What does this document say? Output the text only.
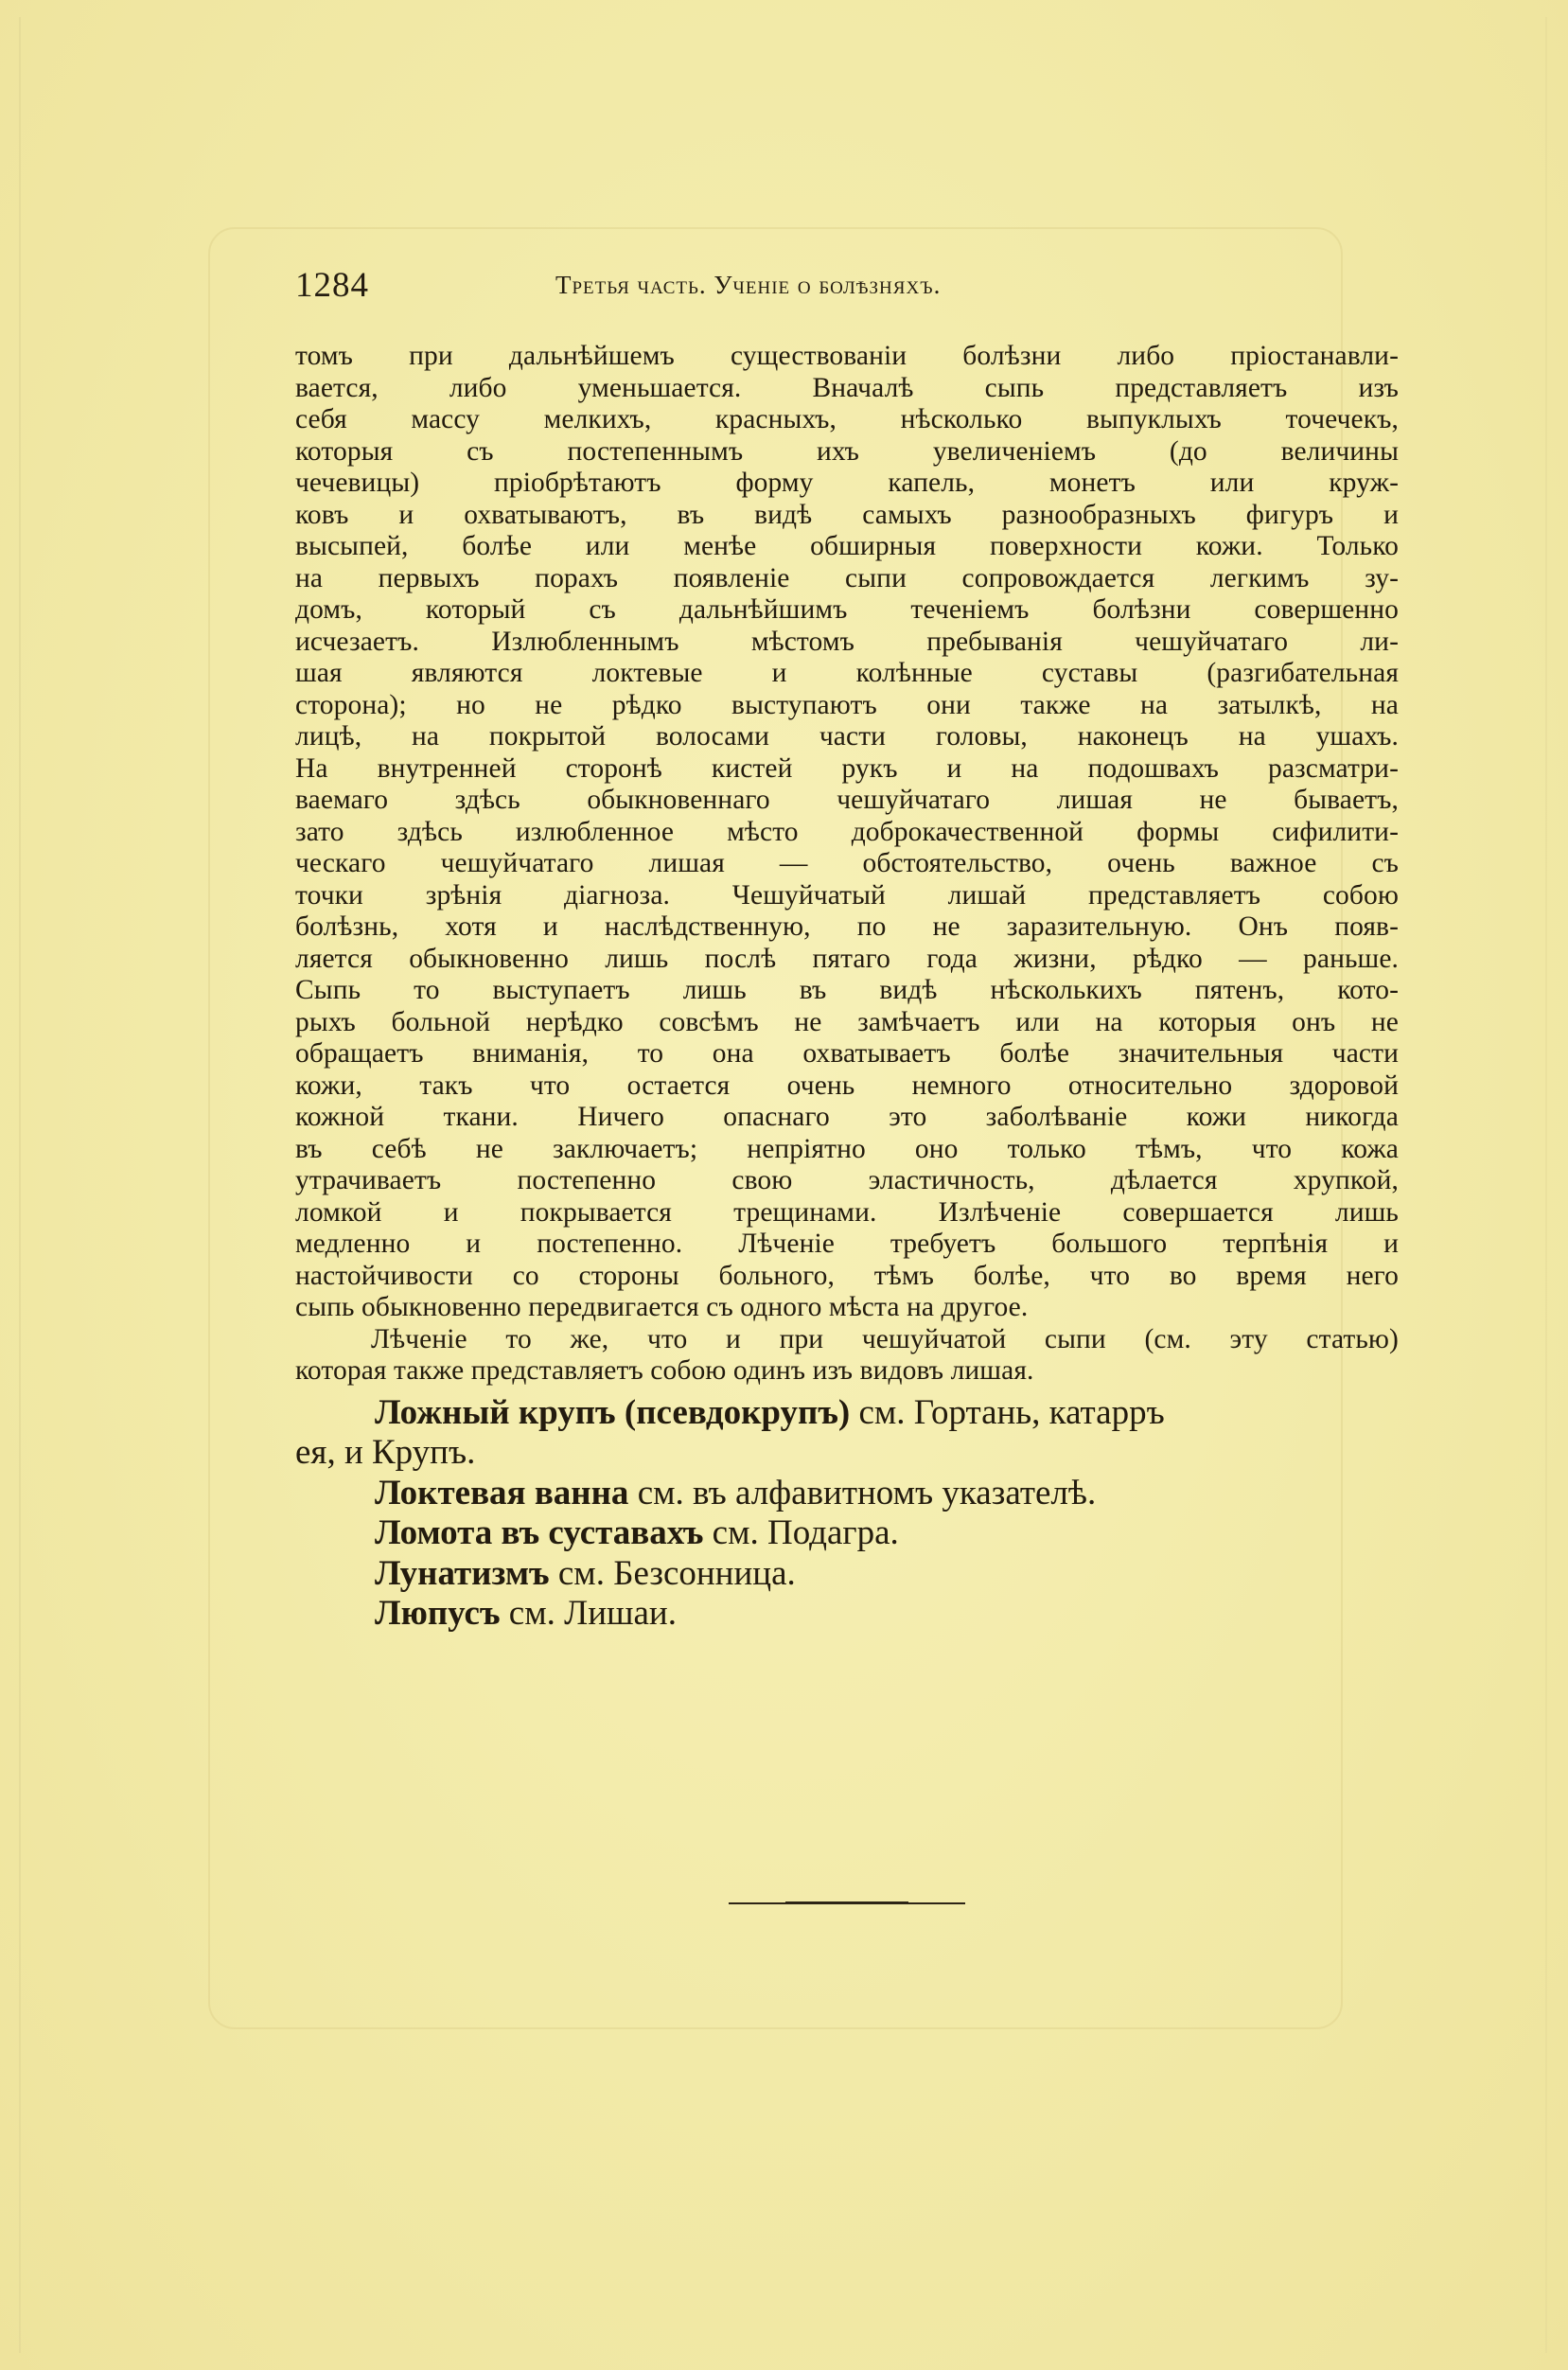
1284	Третья часть. Ученіе о болѣзняхъ.
томъ при дальнѣйшемъ существованіи болѣзни либо пріостанавли-
вается, либо уменьшается. Вначалѣ сыпь представляетъ изъ
себя массу мелкихъ, красныхъ, нѣсколько выпуклыхъ точечекъ,
которыя съ постепеннымъ ихъ увеличеніемъ (до величины
чечевицы) пріобрѣтаютъ форму капель, монетъ или круж-
ковъ и охватываютъ, въ видѣ самыхъ разнообразныхъ фигуръ и
высыпей, болѣе или менѣе обширныя поверхности кожи. Только
на первыхъ порахъ появленіе сыпи сопровождается легкимъ зу-
домъ, который съ дальнѣйшимъ теченіемъ болѣзни совершенно
исчезаетъ. Излюбленнымъ мѣстомъ пребыванія чешуйчатаго ли-
шая являются локтевые и колѣнные суставы (разгибательная
сторона); но не рѣдко выступаютъ они также на затылкѣ, на
лицѣ, на покрытой волосами части головы, наконецъ на ушахъ.
На внутренней сторонѣ кистей рукъ и на подошвахъ разсматри-
ваемаго здѣсь обыкновеннаго чешуйчатаго лишая не бываетъ,
зато здѣсь излюбленное мѣсто доброкачественной формы сифилити-
ческаго чешуйчатаго лишая — обстоятельство, очень важное съ
точки зрѣнія діагноза. Чешуйчатый лишай представляетъ собою
болѣзнь, хотя и наслѣдственную, по не заразительную. Онъ появ-
ляется обыкновенно лишь послѣ пятаго года жизни, рѣдко — раньше.
Сыпь то выступаетъ лишь въ видѣ нѣсколькихъ пятенъ, кото-
рыхъ больной нерѣдко совсѣмъ не замѣчаетъ или на которыя онъ не
обращаетъ вниманія, то она охватываетъ болѣе значительныя части
кожи, такъ что остается очень немного относительно здоровой
кожной ткани. Ничего опаснаго это заболѣваніе кожи никогда
въ себѣ не заключаетъ; непріятно оно только тѣмъ, что кожа
утрачиваетъ постепенно свою эластичность, дѣлается хрупкой,
ломкой и покрывается трещинами. Излѣченіе совершается лишь
медленно и постепенно. Лѣченіе требуетъ большого терпѣнія и
настойчивости со стороны больного, тѣмъ болѣе, что во время него
сыпь обыкновенно передвигается съ одного мѣста на другое.
Лѣченіе то же, что и при чешуйчатой сыпи (см. эту статью)
которая также представляетъ собою одинъ изъ видовъ лишая.
Ложный крупъ (псевдокрупъ) см. Гортань, катарръ
ея, и Крупъ.
Локтевая ванна см. въ алфавитномъ указателѣ.
Ломота въ суставахъ см. Подагра.
Лунатизмъ см. Безсонница.
Люпусъ см. Лишаи.
